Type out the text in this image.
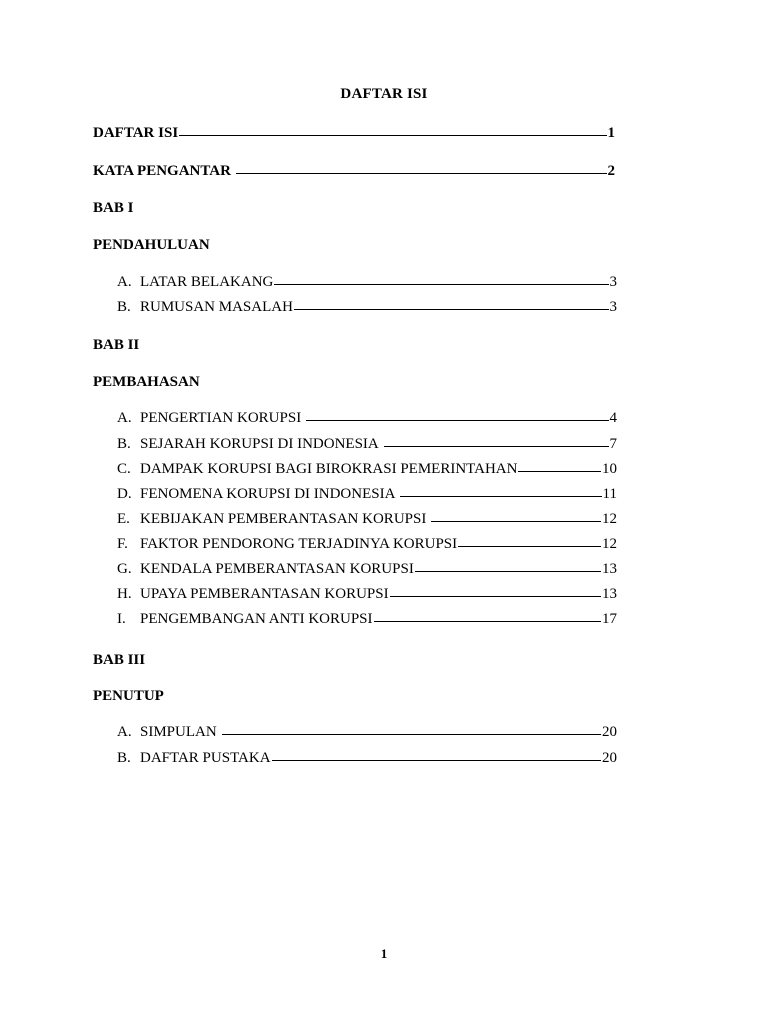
DAFTAR ISI
DAFTAR ISI	1
KATA PENGANTAR	2
BAB I
PENDAHULUAN
A. LATAR BELAKANG	3
B. RUMUSAN MASALAH	3
BAB II
PEMBAHASAN
A. PENGERTIAN KORUPSI	4
B. SEJARAH KORUPSI DI INDONESIA	7
C. DAMPAK KORUPSI BAGI BIROKRASI PEMERINTAHAN	10
D. FENOMENA KORUPSI DI INDONESIA	11
E. KEBIJAKAN PEMBERANTASAN KORUPSI	12
F. FAKTOR PENDORONG TERJADINYA KORUPSI	12
G. KENDALA PEMBERANTASAN KORUPSI	13
H. UPAYA PEMBERANTASAN KORUPSI	13
I. PENGEMBANGAN ANTI KORUPSI	17
BAB III
PENUTUP
A. SIMPULAN	20
B. DAFTAR PUSTAKA	20
1
